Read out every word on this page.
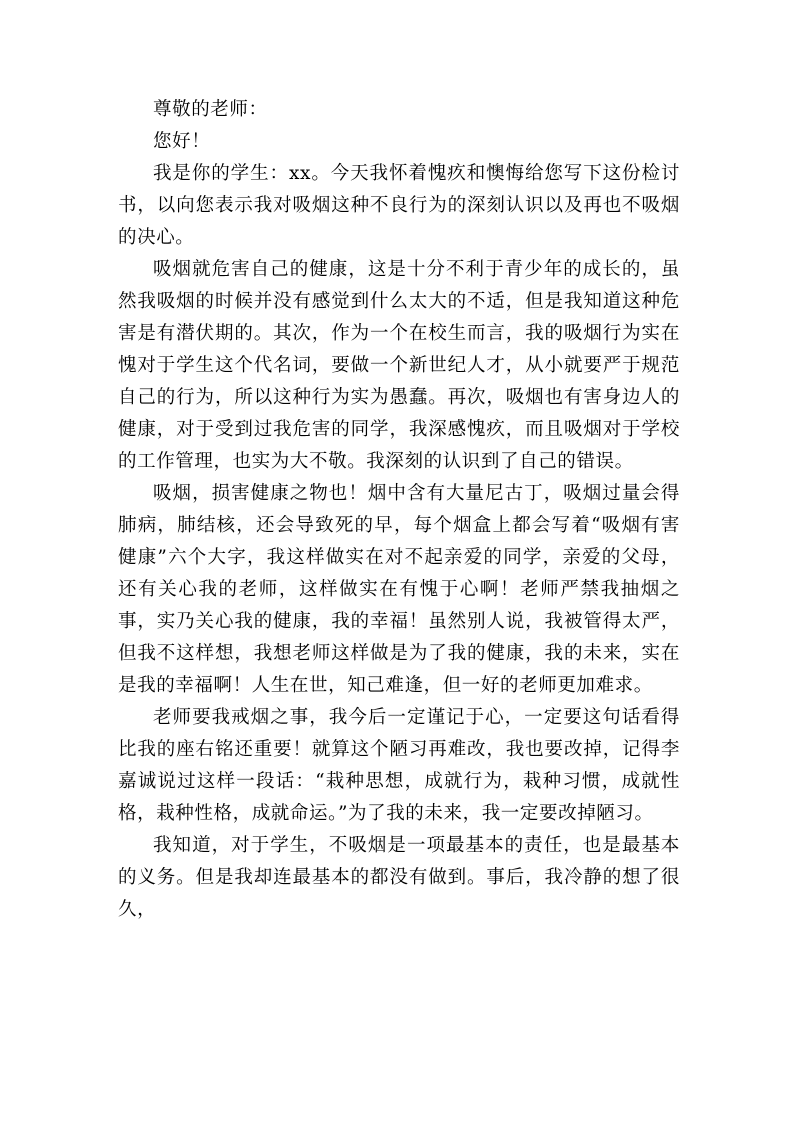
尊敬的老师：

您好！

我是你的学生：xx。今天我怀着愧疚和懊悔给您写下这份检讨书，以向您表示我对吸烟这种不良行为的深刻认识以及再也不吸烟的决心。

吸烟就危害自己的健康，这是十分不利于青少年的成长的，虽然我吸烟的时候并没有感觉到什么太大的不适，但是我知道这种危害是有潜伏期的。其次，作为一个在校生而言，我的吸烟行为实在愧对于学生这个代名词，要做一个新世纪人才，从小就要严于规范自己的行为，所以这种行为实为愚蠢。再次，吸烟也有害身边人的健康，对于受到过我危害的同学，我深感愧疚，而且吸烟对于学校的工作管理，也实为大不敬。我深刻的认识到了自己的错误。

吸烟，损害健康之物也！烟中含有大量尼古丁，吸烟过量会得肺病，肺结核，还会导致死的早，每个烟盒上都会写着“吸烟有害健康”六个大字，我这样做实在对不起亲爱的同学，亲爱的父母，还有关心我的老师，这样做实在有愧于心啊！老师严禁我抽烟之事，实乃关心我的健康，我的幸福！虽然别人说，我被管得太严，但我不这样想，我想老师这样做是为了我的健康，我的未来，实在是我的幸福啊！人生在世，知己难逢，但一好的老师更加难求。

老师要我戒烟之事，我今后一定谨记于心，一定要这句话看得比我的座右铭还重要！就算这个陋习再难改，我也要改掉，记得李嘉诚说过这样一段话：“栽种思想，成就行为，栽种习惯，成就性格，栽种性格，成就命运。”为了我的未来，我一定要改掉陋习。

我知道，对于学生，不吸烟是一项最基本的责任，也是最基本的义务。但是我却连最基本的都没有做到。事后，我冷静的想了很久，
